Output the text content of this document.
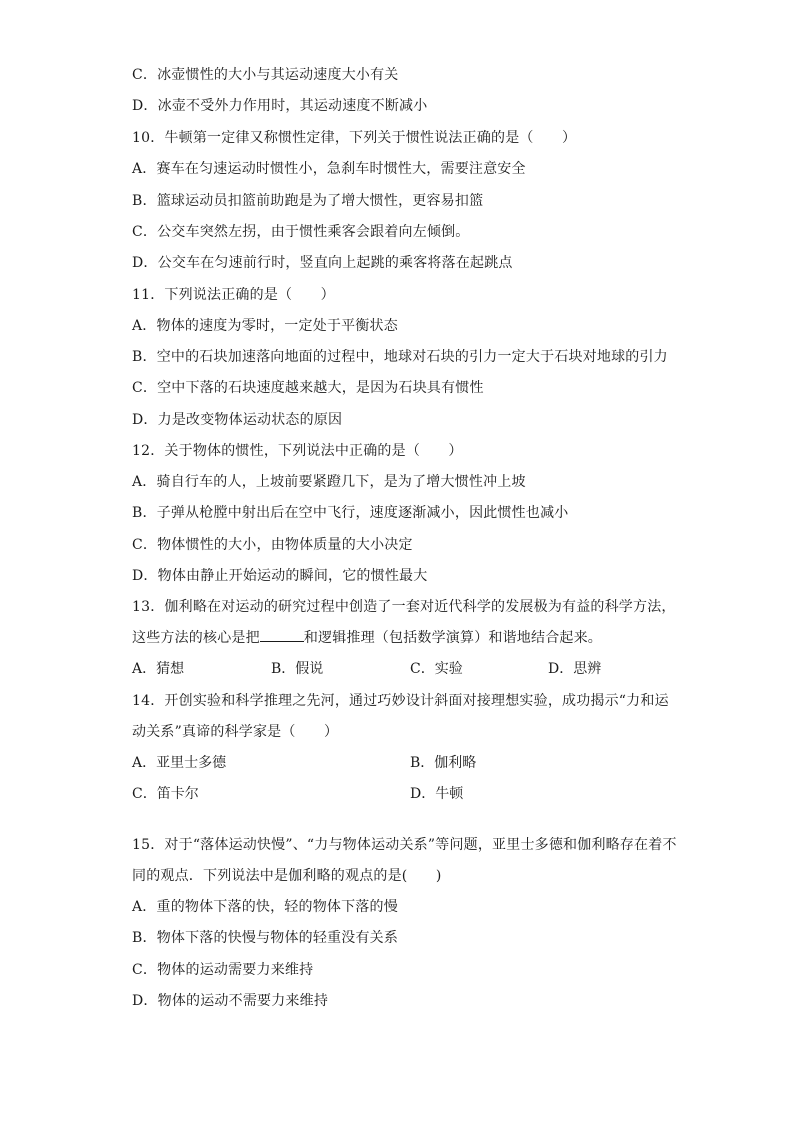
C．冰壶惯性的大小与其运动速度大小有关
D．冰壶不受外力作用时，其运动速度不断减小
10．牛顿第一定律又称惯性定律，下列关于惯性说法正确的是（　　）
A．赛车在匀速运动时惯性小，急刹车时惯性大，需要注意安全
B．篮球运动员扣篮前助跑是为了增大惯性，更容易扣篮
C．公交车突然左拐，由于惯性乘客会跟着向左倾倒。
D．公交车在匀速前行时，竖直向上起跳的乘客将落在起跳点
11．下列说法正确的是（　　）
A．物体的速度为零时，一定处于平衡状态
B．空中的石块加速落向地面的过程中，地球对石块的引力一定大于石块对地球的引力
C．空中下落的石块速度越来越大，是因为石块具有惯性
D．力是改变物体运动状态的原因
12．关于物体的惯性，下列说法中正确的是（　　）
A．骑自行车的人，上坡前要紧蹬几下，是为了增大惯性冲上坡
B．子弹从枪膛中射出后在空中飞行，速度逐渐减小，因此惯性也减小
C．物体惯性的大小，由物体质量的大小决定
D．物体由静止开始运动的瞬间，它的惯性最大
13．伽利略在对运动的研究过程中创造了一套对近代科学的发展极为有益的科学方法，
这些方法的核心是把	和逻辑推理（包括数学演算）和谐地结合起来。
A．猜想	B．假说	C．实验	D．思辨
14．开创实验和科学推理之先河，通过巧妙设计斜面对接理想实验，成功揭示“力和运
动关系”真谛的科学家是（　　）
A．亚里士多德	B．伽利略
C．笛卡尔	D．牛顿
15．对于“落体运动快慢”、“力与物体运动关系”等问题，亚里士多德和伽利略存在着不
同的观点．下列说法中是伽利略的观点的是(　　)
A．重的物体下落的快，轻的物体下落的慢
B．物体下落的快慢与物体的轻重没有关系
C．物体的运动需要力来维持
D．物体的运动不需要力来维持
